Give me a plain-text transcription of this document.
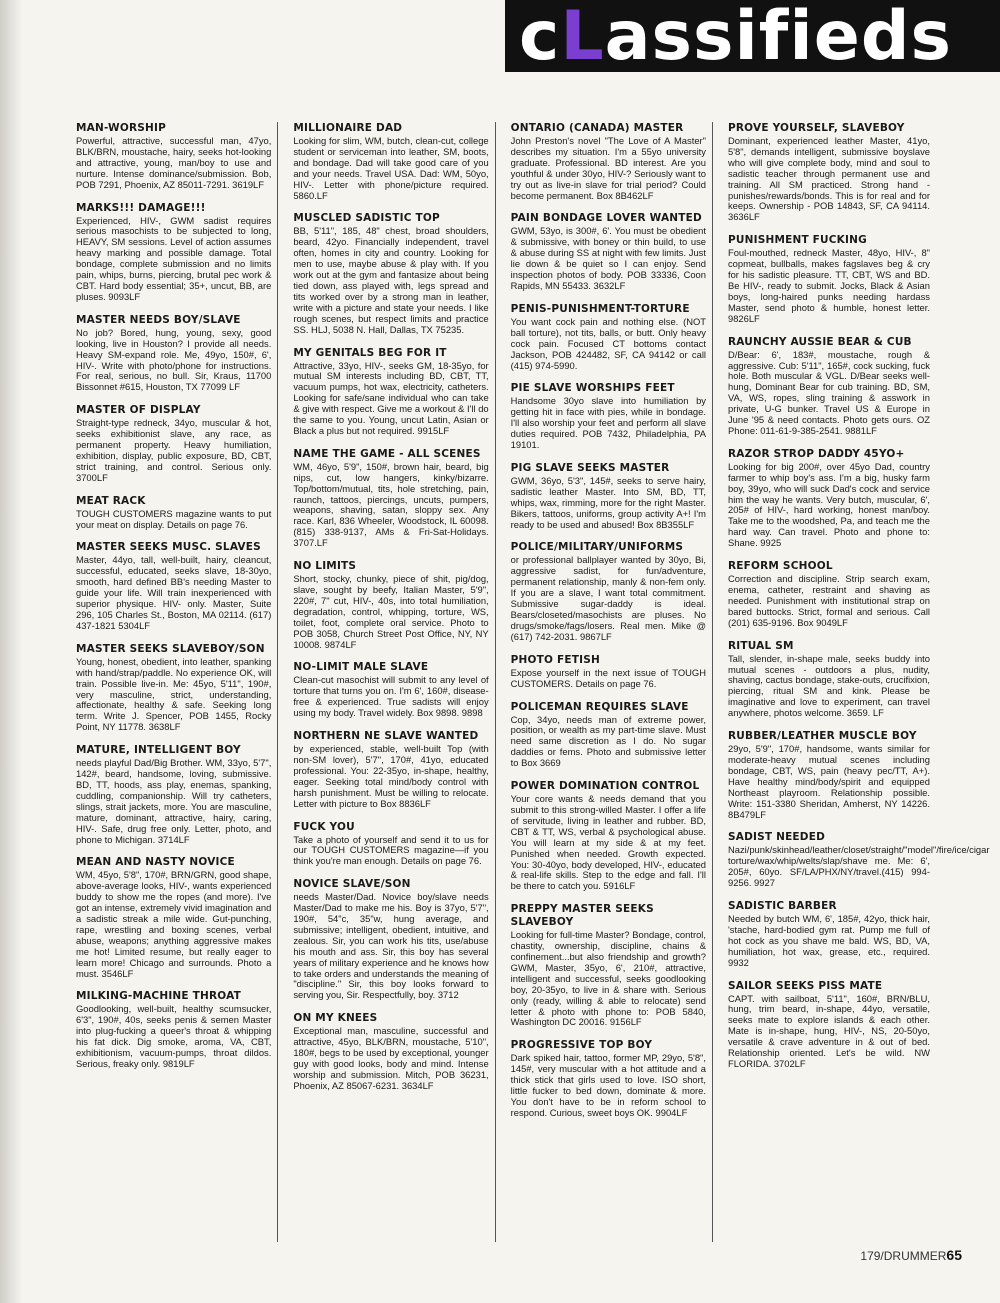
cLassifieds
MAN-WORSHIP
Powerful, attractive, successful man, 47yo, BLK/BRN, moustache, hairy, seeks hot-looking and attractive, young, man/boy to use and nurture. Intense dominance/submission. Bob, POB 7291, Phoenix, AZ 85011-7291. 3619LF
MARKS!!! DAMAGE!!!
Experienced, HIV-, GWM sadist requires serious masochists to be subjected to long, HEAVY, SM sessions. Level of action assumes heavy marking and possible damage. Total bondage, complete submission and no limits pain, whips, burns, piercing, brutal pec work & CBT. Hard body essential; 35+, uncut, BB, are pluses. 9093LF
MASTER NEEDS BOY/SLAVE
No job? Bored, hung, young, sexy, good looking, live in Houston? I provide all needs. Heavy SM-expand role. Me, 49yo, 150#, 6', HIV-. Write with photo/phone for instructions. For real, serious, no bull. Sir, Kraus, 11700 Bissonnet #615, Houston, TX 77099 LF
MASTER OF DISPLAY
Straight-type redneck, 34yo, muscular & hot, seeks exhibitionist slave, any race, as permanent property. Heavy humiliation, exhibition, display, public exposure, BD, CBT, strict training, and control. Serious only. 3700LF
MEAT RACK
TOUGH CUSTOMERS magazine wants to put your meat on display. Details on page 76.
MASTER SEEKS MUSC. SLAVES
Master, 44yo, tall, well-built, hairy, cleancut, successful, educated, seeks slave, 18-30yo, smooth, hard defined BB's needing Master to guide your life. Will train inexperienced with superior physique. HIV- only. Master, Suite 296, 105 Charles St., Boston, MA 02114. (617) 437-1821 5304LF
MASTER SEEKS SLAVEBOY/SON
Young, honest, obedient, into leather, spanking with hand/strap/paddle. No experience OK, will train. Possible live-in. Me: 45yo, 5'11", 190#, very masculine, strict, understanding, affectionate, healthy & safe. Seeking long term. Write J. Spencer, POB 1455, Rocky Point, NY 11778. 3638LF
MATURE, INTELLIGENT BOY
needs playful Dad/Big Brother. WM, 33yo, 5'7", 142#, beard, handsome, loving, submissive. BD, TT, hoods, ass play, enemas, spanking, cuddling, companionship. Will try catheters, slings, strait jackets, more. You are masculine, mature, dominant, attractive, hairy, caring, HIV-. Safe, drug free only. Letter, photo, and phone to Michigan. 3714LF
MEAN AND NASTY NOVICE
WM, 45yo, 5'8", 170#, BRN/GRN, good shape, above-average looks, HIV-, wants experienced buddy to show me the ropes (and more). I've got an intense, extremely vivid imagination and a sadistic streak a mile wide. Gut-punching, rape, wrestling and boxing scenes, verbal abuse, weapons; anything aggressive makes me hot! Limited resume, but really eager to learn more! Chicago and surrounds. Photo a must. 3546LF
MILKING-MACHINE THROAT
Goodlooking, well-built, healthy scumsucker, 6'3", 190#, 40s, seeks penis & semen Master into plug-fucking a queer's throat & whipping his fat dick. Dig smoke, aroma, VA, CBT, exhibitionism, vacuum-pumps, throat dildos. Serious, freaky only. 9819LF
MILLIONAIRE DAD
Looking for slim, WM, butch, clean-cut, college student or serviceman into leather, SM, boots, and bondage. Dad will take good care of you and your needs. Travel USA. Dad: WM, 50yo, HIV-. Letter with phone/picture required. 5860.LF
MUSCLED SADISTIC TOP
BB, 5'11", 185, 48" chest, broad shoulders, beard, 42yo. Financially independent, travel often, homes in city and country. Looking for men to use, maybe abuse & play with. If you work out at the gym and fantasize about being tied down, ass played with, legs spread and tits worked over by a strong man in leather, write with a picture and state your needs. I like rough scenes, but respect limits and practice SS. HLJ, 5038 N. Hall, Dallas, TX 75235.
MY GENITALS BEG FOR IT
Attractive, 33yo, HIV-, seeks GM, 18-35yo, for mutual SM interests including BD, CBT, TT, vacuum pumps, hot wax, electricity, catheters. Looking for safe/sane individual who can take & give with respect. Give me a workout & I'll do the same to you. Young, uncut Latin, Asian or Black a plus but not required. 9915LF
NAME THE GAME - ALL SCENES
WM, 46yo, 5'9", 150#, brown hair, beard, big nips, cut, low hangers, kinky/bizarre. Top/bottom/mutual, tits, hole stretching, pain, raunch, tattoos, piercings, uncuts, pumpers, weapons, shaving, satan, sloppy sex. Any race. Karl, 836 Wheeler, Woodstock, IL 60098. (815) 338-9137, AMs & Fri-Sat-Holidays. 3707.LF
NO LIMITS
Short, stocky, chunky, piece of shit, pig/dog, slave, sought by beefy, Italian Master, 5'9", 220#, 7" cut, HIV-, 40s, into total humiliation, degradation, control, whipping, torture, WS, toilet, foot, complete oral service. Photo to POB 3058, Church Street Post Office, NY, NY 10008. 9874LF
NO-LIMIT MALE SLAVE
Clean-cut masochist will submit to any level of torture that turns you on. I'm 6', 160#, disease-free & experienced. True sadists will enjoy using my body. Travel widely. Box 9898. 9898
NORTHERN NE SLAVE WANTED
by experienced, stable, well-built Top (with non-SM lover), 5'7", 170#, 41yo, educated professional. You: 22-35yo, in-shape, healthy, eager. Seeking total mind/body control with harsh punishment. Must be willing to relocate. Letter with picture to Box 8836LF
FUCK YOU
Take a photo of yourself and send it to us for our TOUGH CUSTOMERS magazine—if you think you're man enough. Details on page 76.
NOVICE SLAVE/SON
needs Master/Dad. Novice boy/slave needs Master/Dad to make me his. Boy is 37yo, 5'7", 190#, 54"c, 35"w, hung average, and submissive; intelligent, obedient, intuitive, and zealous. Sir, you can work his tits, use/abuse his mouth and ass. Sir, this boy has several years of military experience and he knows how to take orders and understands the meaning of "discipline." Sir, this boy looks forward to serving you, Sir. Respectfully, boy. 3712
ON MY KNEES
Exceptional man, masculine, successful and attractive, 45yo, BLK/BRN, moustache, 5'10", 180#, begs to be used by exceptional, younger guy with good looks, body and mind. Intense worship and submission. Mitch, POB 36231, Phoenix, AZ 85067-6231. 3634LF
ONTARIO (CANADA) MASTER
John Preston's novel "The Love of A Master" describes my situation. I'm a 55yo university graduate. Professional. BD interest. Are you youthful & under 30yo, HIV-? Seriously want to try out as live-in slave for trial period? Could become permanent. Box 8B462LF
PAIN BONDAGE LOVER WANTED
GWM, 53yo, is 300#, 6'. You must be obedient & submissive, with boney or thin build, to use & abuse during SS at night with few limits. Just lie down & be quiet so I can enjoy. Send inspection photos of body. POB 33336, Coon Rapids, MN 55433. 3632LF
PENIS-PUNISHMENT-TORTURE
You want cock pain and nothing else. (NOT ball torture), not tits, balls, or butt. Only heavy cock pain. Focused CT bottoms contact Jackson, POB 424482, SF, CA 94142 or call (415) 974-5990.
PIE SLAVE WORSHIPS FEET
Handsome 30yo slave into humiliation by getting hit in face with pies, while in bondage. I'll also worship your feet and perform all slave duties required. POB 7432, Philadelphia, PA 19101.
PIG SLAVE SEEKS MASTER
GWM, 36yo, 5'3", 145#, seeks to serve hairy, sadistic leather Master. Into SM, BD, TT, whips, wax, rimming, more for the right Master. Bikers, tattoos, uniforms, group activity A+! I'm ready to be used and abused! Box 8B355LF
POLICE/MILITARY/UNIFORMS
or professional ballplayer wanted by 30yo, Bi, aggressive sadist, for fun/adventure, permanent relationship, manly & non-fem only. If you are a slave, I want total commitment. Submissive sugar-daddy is ideal. Bears/closeted/masochists are pluses. No drugs/smoke/fags/losers. Real men. Mike @ (617) 742-2031. 9867LF
PHOTO FETISH
Expose yourself in the next issue of TOUGH CUSTOMERS. Details on page 76.
POLICEMAN REQUIRES SLAVE
Cop, 34yo, needs man of extreme power, position, or wealth as my part-time slave. Must need same discretion as I do. No sugar daddies or fems. Photo and submissive letter to Box 3669
POWER DOMINATION CONTROL
Your core wants & needs demand that you submit to this strong-willed Master. I offer a life of servitude, living in leather and rubber. BD, CBT & TT, WS, verbal & psychological abuse. You will learn at my side & at my feet. Punished when needed. Growth expected. You: 30-40yo, body developed, HIV-, educated & real-life skills. Step to the edge and fall. I'll be there to catch you. 5916LF
PREPPY MASTER SEEKS SLAVEBOY
Looking for full-time Master? Bondage, control, chastity, ownership, discipline, chains & confinement...but also friendship and growth? GWM, Master, 35yo, 6', 210#, attractive, intelligent and successful, seeks goodlooking boy, 20-35yo, to live in & share with. Serious only (ready, willing & able to relocate) send letter & photo with phone to: POB 5840, Washington DC 20016. 9156LF
PROGRESSIVE TOP BOY
Dark spiked hair, tattoo, former MP, 29yo, 5'8", 145#, very muscular with a hot attitude and a thick stick that girls used to love. ISO short, little fucker to bed down, dominate & more. You don't have to be in reform school to respond. Curious, sweet boys OK. 9904LF
PROVE YOURSELF, SLAVEBOY
Dominant, experienced leather Master, 41yo, 5'8", demands intelligent, submissive boyslave who will give complete body, mind and soul to sadistic teacher through permanent use and training. All SM practiced. Strong hand - punishes/rewards/bonds. This is for real and for keeps. Ownership - POB 14843, SF, CA 94114. 3636LF
PUNISHMENT FUCKING
Foul-mouthed, redneck Master, 48yo, HIV-, 8" copmeat, bullballs, makes fagslaves beg & cry for his sadistic pleasure. TT, CBT, WS and BD. Be HIV-, ready to submit. Jocks, Black & Asian boys, long-haired punks needing hardass Master, send photo & humble, honest letter. 9826LF
RAUNCHY AUSSIE BEAR & CUB
D/Bear: 6', 183#, moustache, rough & aggressive. Cub: 5'11", 165#, cock sucking, fuck hole. Both muscular & VGL. D/Bear seeks well-hung, Dominant Bear for cub training. BD, SM, VA, WS, ropes, sling training & asswork in private, U-G bunker. Travel US & Europe in June '95 & need contacts. Photo gets ours. OZ Phone: 011-61-9-385-2541. 9881LF
RAZOR STROP DADDY 45YO+
Looking for big 200#, over 45yo Dad, country farmer to whip boy's ass. I'm a big, husky farm boy, 39yo, who will suck Dad's cock and service him the way he wants. Very butch, muscular, 6', 205# of HIV-, hard working, honest man/boy. Take me to the woodshed, Pa, and teach me the hard way. Can travel. Photo and phone to: Shane. 9925
REFORM SCHOOL
Correction and discipline. Strip search exam, enema, catheter, restraint and shaving as needed. Punishment with institutional strap on bared buttocks. Strict, formal and serious. Call (201) 635-9196. Box 9049LF
RITUAL SM
Tall, slender, in-shape male, seeks buddy into mutual scenes - outdoors a plus, nudity, shaving, cactus bondage, stake-outs, crucifixion, piercing, ritual SM and kink. Please be imaginative and love to experiment, can travel anywhere, photos welcome. 3659. LF
RUBBER/LEATHER MUSCLE BOY
29yo, 5'9", 170#, handsome, wants similar for moderate-heavy mutual scenes including bondage, CBT, WS, pain (heavy pec/TT, A+). Have healthy mind/body/spirit and equipped Northeast playroom. Relationship possible. Write: 151-3380 Sheridan, Amherst, NY 14226. 8B479LF
SADIST NEEDED
Nazi/punk/skinhead/leather/closet/straight/"model"/fire/ice/cigar torture/wax/whip/welts/slap/shave me. Me: 6', 205#, 60yo. SF/LA/PHX/NY/travel.(415) 994-9256. 9927
SADISTIC BARBER
Needed by butch WM, 6', 185#, 42yo, thick hair, 'stache, hard-bodied gym rat. Pump me full of hot cock as you shave me bald. WS, BD, VA, humiliation, hot wax, grease, etc., required. 9932
SAILOR SEEKS PISS MATE
CAPT. with sailboat, 5'11", 160#, BRN/BLU, hung, trim beard, in-shape, 44yo, versatile, seeks mate to explore islands & each other. Mate is in-shape, hung, HIV-, NS, 20-50yo, versatile & crave adventure in & out of bed. Relationship oriented. Let's be wild. NW FLORIDA. 3702LF
179/DRUMMER65
